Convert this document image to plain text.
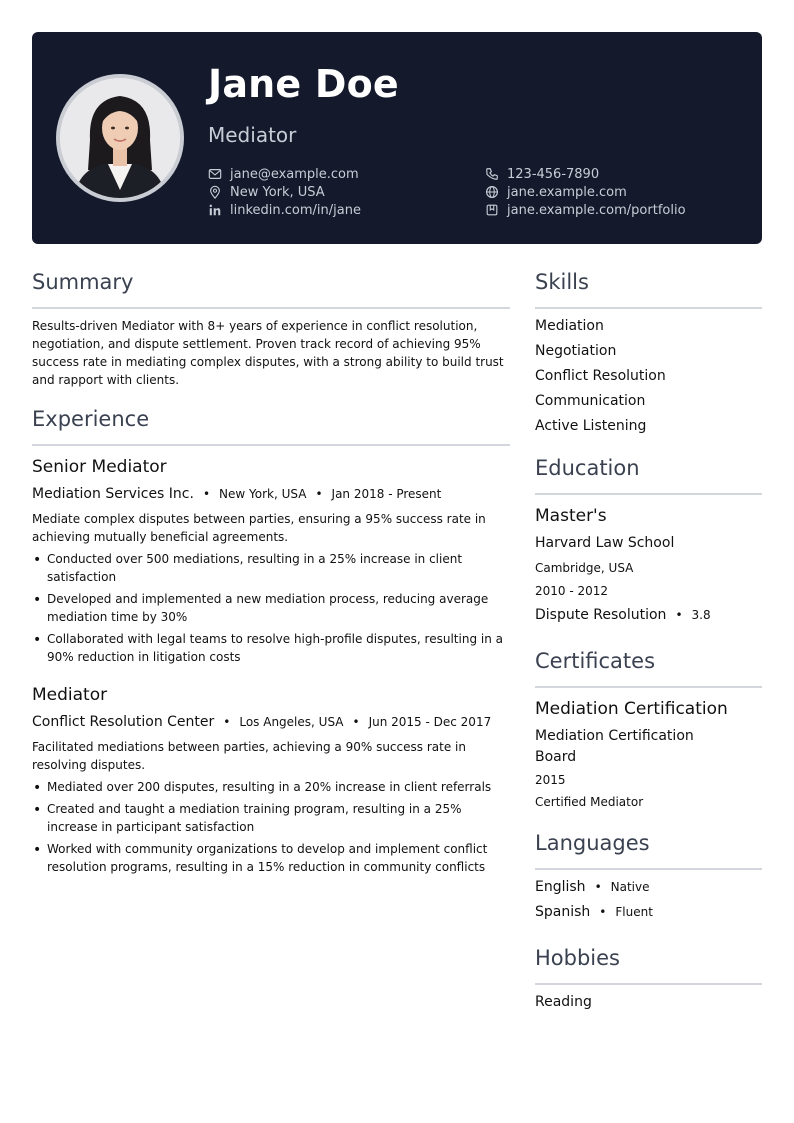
Jane Doe
Mediator
jane@example.com
New York, USA
linkedin.com/in/jane
123-456-7890
jane.example.com
jane.example.com/portfolio
Summary
Results-driven Mediator with 8+ years of experience in conflict resolution, negotiation, and dispute settlement. Proven track record of achieving 95% success rate in mediating complex disputes, with a strong ability to build trust and rapport with clients.
Experience
Senior Mediator
Mediation Services Inc. • New York, USA • Jan 2018 - Present
Mediate complex disputes between parties, ensuring a 95% success rate in achieving mutually beneficial agreements.
• Conducted over 500 mediations, resulting in a 25% increase in client satisfaction
• Developed and implemented a new mediation process, reducing average mediation time by 30%
• Collaborated with legal teams to resolve high-profile disputes, resulting in a 90% reduction in litigation costs
Mediator
Conflict Resolution Center • Los Angeles, USA • Jun 2015 - Dec 2017
Facilitated mediations between parties, achieving a 90% success rate in resolving disputes.
• Mediated over 200 disputes, resulting in a 20% increase in client referrals
• Created and taught a mediation training program, resulting in a 25% increase in participant satisfaction
• Worked with community organizations to develop and implement conflict resolution programs, resulting in a 15% reduction in community conflicts
Skills
Mediation
Negotiation
Conflict Resolution
Communication
Active Listening
Education
Master's
Harvard Law School
Cambridge, USA
2010 - 2012
Dispute Resolution • 3.8
Certificates
Mediation Certification
Mediation Certification
Board
2015
Certified Mediator
Languages
English • Native
Spanish • Fluent
Hobbies
Reading
